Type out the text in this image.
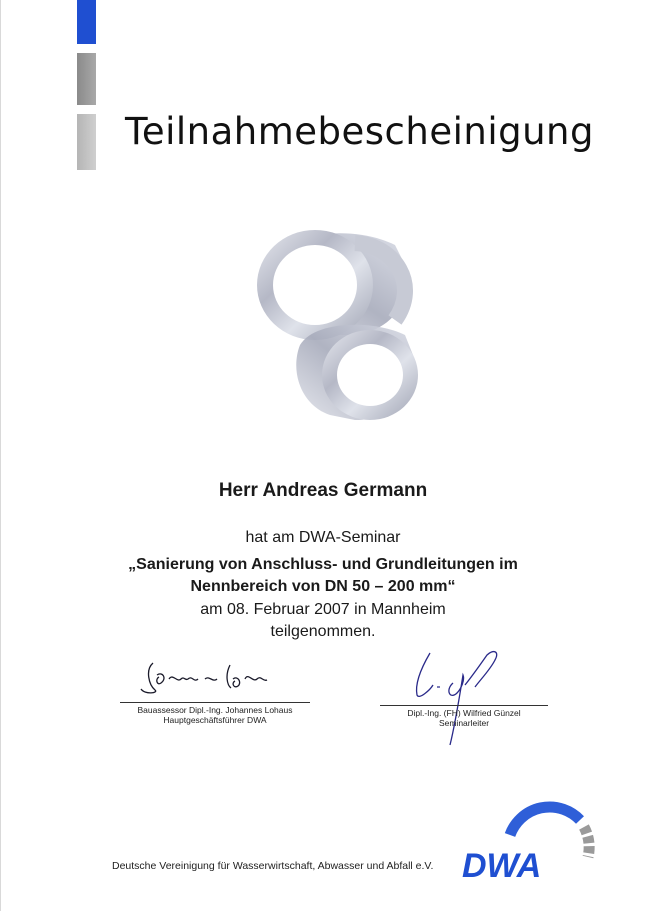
Teilnahmebescheinigung
Herr Andreas Germann
hat am DWA-Seminar
„Sanierung von Anschluss- und Grundleitungen im
Nennbereich von DN 50 – 200 mm“
am 08. Februar 2007 in Mannheim
teilgenommen.
Bauassessor Dipl.-Ing. Johannes Lohaus
Hauptgeschäftsführer DWA
Dipl.-Ing. (FH) Wilfried Günzel
Seminarleiter
Deutsche Vereinigung für Wasserwirtschaft, Abwasser und Abfall e.V. DWA
